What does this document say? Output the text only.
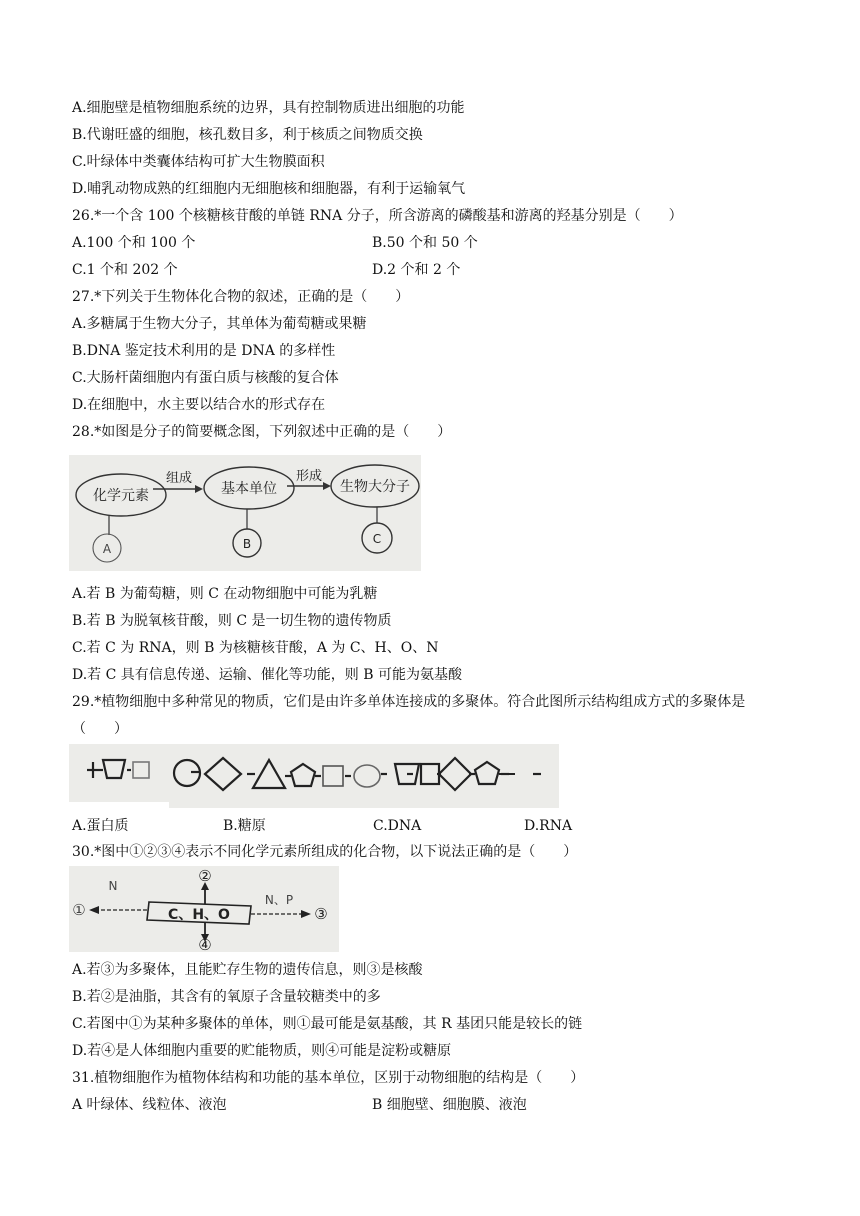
A.细胞壁是植物细胞系统的边界，具有控制物质进出细胞的功能
B.代谢旺盛的细胞，核孔数目多，利于核质之间物质交换
C.叶绿体中类囊体结构可扩大生物膜面积
D.哺乳动物成熟的红细胞内无细胞核和细胞器，有利于运输氧气
26.*一个含 100 个核糖核苷酸的单链 RNA 分子，所含游离的磷酸基和游离的羟基分别是（　　）
A.100 个和 100 个	B.50 个和 50 个
C.1 个和 202 个	D.2 个和 2 个
27.*下列关于生物体化合物的叙述，正确的是（　　）
A.多糖属于生物大分子，其单体为葡萄糖或果糖
B.DNA 鉴定技术利用的是 DNA 的多样性
C.大肠杆菌细胞内有蛋白质与核酸的复合体
D.在细胞中，水主要以结合水的形式存在
28.*如图是分子的简要概念图，下列叙述中正确的是（　　）
化学元素	基本单位	生物大分子
组成	形成
A	B	C
A.若 B 为葡萄糖，则 C 在动物细胞中可能为乳糖
B.若 B 为脱氧核苷酸，则 C 是一切生物的遗传物质
C.若 C 为 RNA，则 B 为核糖核苷酸，A 为 C、H、O、N
D.若 C 具有信息传递、运输、催化等功能，则 B 可能为氨基酸
29.*植物细胞中多种常见的物质，它们是由许多单体连接成的多聚体。符合此图所示结构组成方式的多聚体是
（　　）
A.蛋白质	B.糖原	C.DNA	D.RNA
30.*图中①②③④表示不同化学元素所组成的化合物，以下说法正确的是（　　）
C、H、O
N
N、P
①
②
③
④
A.若③为多聚体，且能贮存生物的遗传信息，则③是核酸
B.若②是油脂，其含有的氧原子含量较糖类中的多
C.若图中①为某种多聚体的单体，则①最可能是氨基酸，其 R 基团只能是较长的链
D.若④是人体细胞内重要的贮能物质，则④可能是淀粉或糖原
31.植物细胞作为植物体结构和功能的基本单位，区别于动物细胞的结构是（　　）
A 叶绿体、线粒体、液泡	B 细胞壁、细胞膜、液泡
